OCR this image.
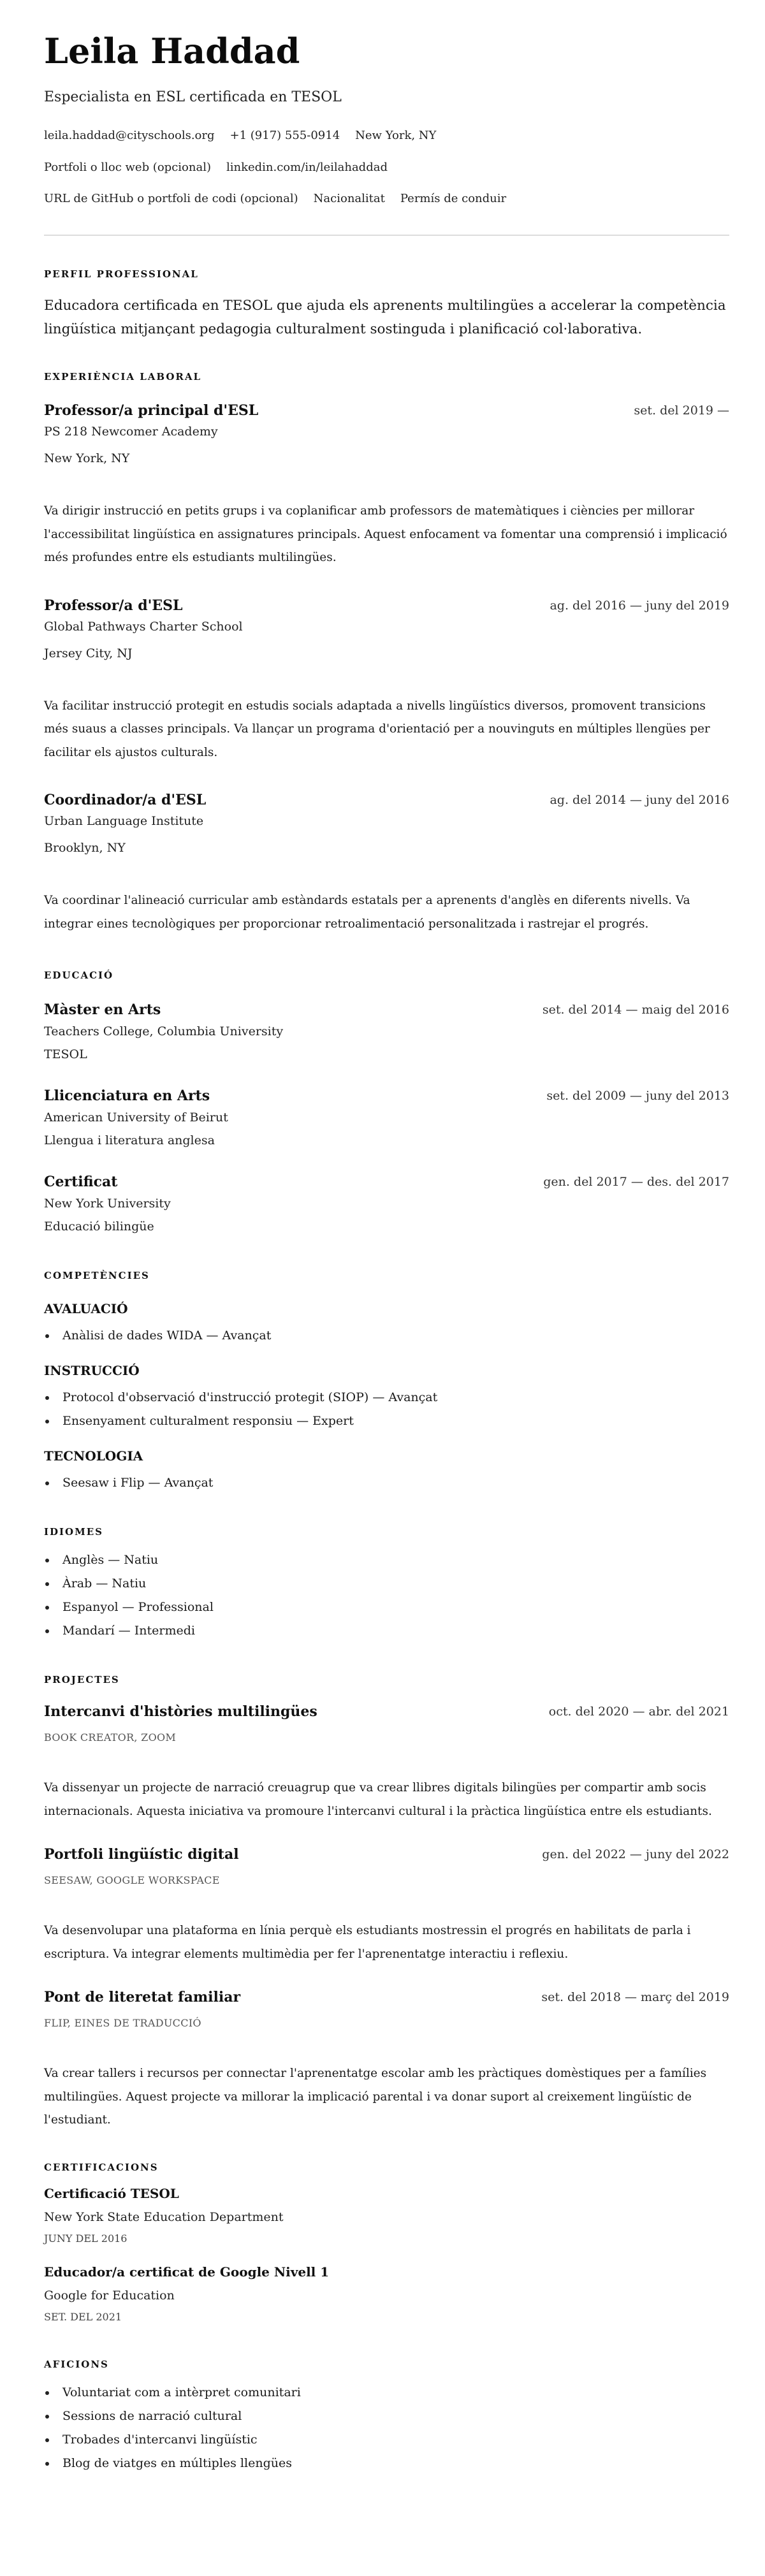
Leila Haddad
Especialista en ESL certificada en TESOL
leila.haddad@cityschools.org +1 (917) 555-0914 New York, NY
Portfoli o lloc web (opcional) linkedin.com/in/leilahaddad
URL de GitHub o portfoli de codi (opcional) Nacionalitat Permís de conduir
PERFIL PROFESSIONAL
Educadora certificada en TESOL que ajuda els aprenents multilingües a accelerar la competència lingüística mitjançant pedagogia culturalment sostinguda i planificació col·laborativa.
EXPERIÈNCIA LABORAL
Professor/a principal d'ESL	set. del 2019 —
PS 218 Newcomer Academy
New York, NY
Va dirigir instrucció en petits grups i va coplanificar amb professors de matemàtiques i ciències per millorar l'accessibilitat lingüística en assignatures principals. Aquest enfocament va fomentar una comprensió i implicació més profundes entre els estudiants multilingües.
Professor/a d'ESL	ag. del 2016 — juny del 2019
Global Pathways Charter School
Jersey City, NJ
Va facilitar instrucció protegit en estudis socials adaptada a nivells lingüístics diversos, promovent transicions més suaus a classes principals. Va llançar un programa d'orientació per a nouvinguts en múltiples llengües per facilitar els ajustos culturals.
Coordinador/a d'ESL	ag. del 2014 — juny del 2016
Urban Language Institute
Brooklyn, NY
Va coordinar l'alineació curricular amb estàndards estatals per a aprenents d'anglès en diferents nivells. Va integrar eines tecnològiques per proporcionar retroalimentació personalitzada i rastrejar el progrés.
EDUCACIÓ
Màster en Arts	set. del 2014 — maig del 2016
Teachers College, Columbia University
TESOL
Llicenciatura en Arts	set. del 2009 — juny del 2013
American University of Beirut
Llengua i literatura anglesa
Certificat	gen. del 2017 — des. del 2017
New York University
Educació bilingüe
COMPETÈNCIES
AVALUACIÓ
Anàlisi de dades WIDA — Avançat
INSTRUCCIÓ
Protocol d'observació d'instrucció protegit (SIOP) — Avançat
Ensenyament culturalment responsiu — Expert
TECNOLOGIA
Seesaw i Flip — Avançat
IDIOMES
Anglès — Natiu
Àrab — Natiu
Espanyol — Professional
Mandarí — Intermedi
PROJECTES
Intercanvi d'històries multilingües	oct. del 2020 — abr. del 2021
BOOK CREATOR, ZOOM
Va dissenyar un projecte de narració creuagrup que va crear llibres digitals bilingües per compartir amb socis internacionals. Aquesta iniciativa va promoure l'intercanvi cultural i la pràctica lingüística entre els estudiants.
Portfoli lingüístic digital	gen. del 2022 — juny del 2022
SEESAW, GOOGLE WORKSPACE
Va desenvolupar una plataforma en línia perquè els estudiants mostressin el progrés en habilitats de parla i escriptura. Va integrar elements multimèdia per fer l'aprenentatge interactiu i reflexiu.
Pont de literetat familiar	set. del 2018 — març del 2019
FLIP, EINES DE TRADUCCIÓ
Va crear tallers i recursos per connectar l'aprenentatge escolar amb les pràctiques domèstiques per a famílies multilingües. Aquest projecte va millorar la implicació parental i va donar suport al creixement lingüístic de l'estudiant.
CERTIFICACIONS
Certificació TESOL
New York State Education Department
JUNY DEL 2016
Educador/a certificat de Google Nivell 1
Google for Education
SET. DEL 2021
AFICIONS
Voluntariat com a intèrpret comunitari
Sessions de narració cultural
Trobades d'intercanvi lingüístic
Blog de viatges en múltiples llengües
